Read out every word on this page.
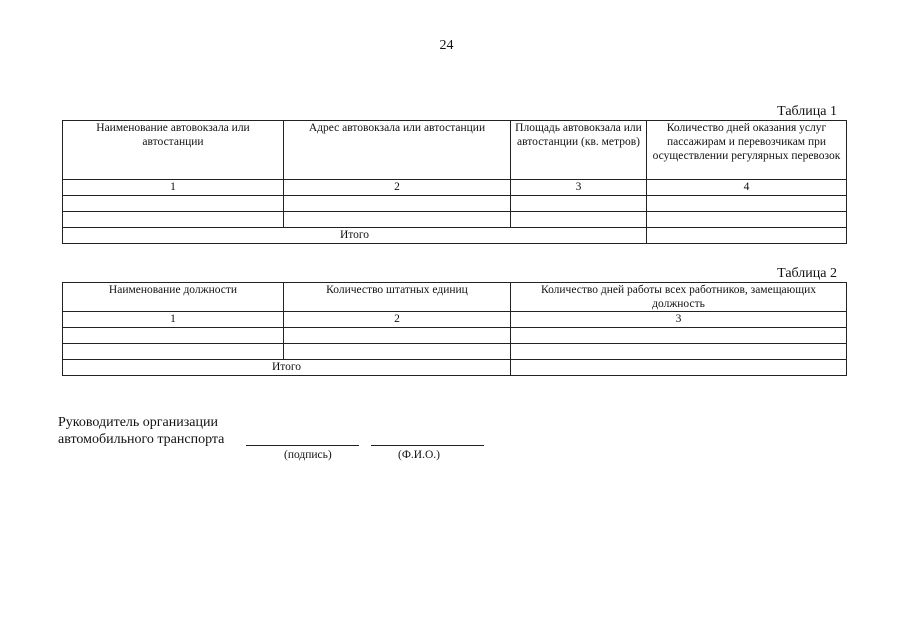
24
Таблица 1
Наименование автовокзала или автостанции	Адрес автовокзала или автостанции	Площадь автовокзала или автостанции (кв. метров)	Количество дней оказания услуг пассажирам и перевозчикам при осуществлении регулярных перевозок
1	2	3	4

Итого			
Таблица 2
Наименование должности	Количество штатных единиц	Количество дней работы всех работников, замещающих должность
1	2	3

Итого		
Руководитель организации
автомобильного транспорта
(подпись)	(Ф.И.О.)
